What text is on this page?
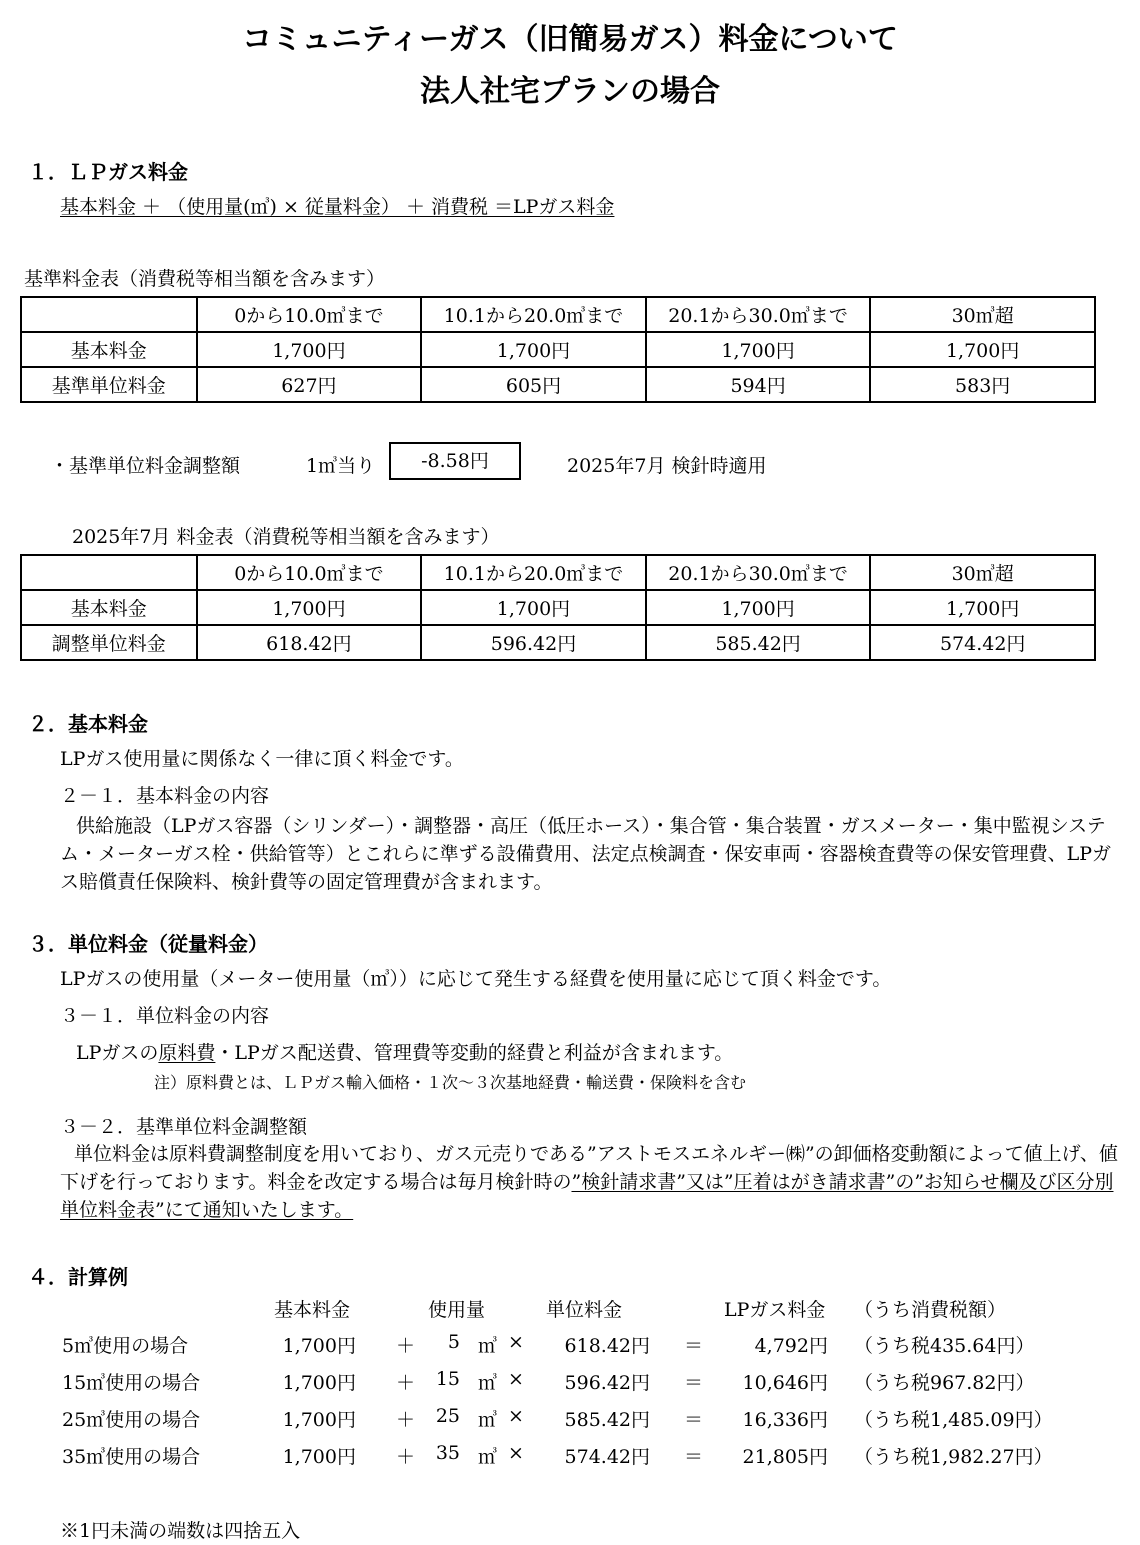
コミュニティーガス（旧簡易ガス）料金について
法人社宅プランの場合
１．ＬＰガス料金
基本料金 ＋ （使用量(㎥) × 従量料金） ＋ 消費税 ＝LPガス料金
基準料金表（消費税等相当額を含みます）
	0から10.0㎥まで	10.1から20.0㎥まで	20.1から30.0㎥まで	30㎥超
基本料金	1,700円	1,700円	1,700円	1,700円
基準単位料金	627円	605円	594円	583円
・基準単位料金調整額	1㎥当り	-8.58円	2025年7月 検針時適用
2025年7月 料金表（消費税等相当額を含みます）
	0から10.0㎥まで	10.1から20.0㎥まで	20.1から30.0㎥まで	30㎥超
基本料金	1,700円	1,700円	1,700円	1,700円
調整単位料金	618.42円	596.42円	585.42円	574.42円
２．基本料金
LPガス使用量に関係なく一律に頂く料金です。
２－１．基本料金の内容
供給施設（LPガス容器（シリンダー）・調整器・高圧（低圧ホース）・集合管・集合装置・ガスメーター・集中監視システム・メーターガス栓・供給管等）とこれらに準ずる設備費用、法定点検調査・保安車両・容器検査費等の保安管理費、LPガス賠償責任保険料、検針費等の固定管理費が含まれます。
３．単位料金（従量料金）
LPガスの使用量（メーター使用量（㎥））に応じて発生する経費を使用量に応じて頂く料金です。
３－１．単位料金の内容
LPガスの原料費・LPガス配送費、管理費等変動的経費と利益が含まれます。
注）原料費とは、ＬＰガス輸入価格・１次～３次基地経費・輸送費・保険料を含む
３－２．基準単位料金調整額
単位料金は原料費調整制度を用いており、ガス元売りである”アストモスエネルギー㈱”の卸価格変動額によって値上げ、値下げを行っております。料金を改定する場合は毎月検針時の”検針請求書”又は”圧着はがき請求書”の”お知らせ欄及び区分別単位料金表”にて通知いたします。
４．計算例
基本料金	使用量	単位料金	LPガス料金 （うち消費税額）
5㎥使用の場合	1,700円 ＋	5 ㎥ ×	618.42円 ＝	4,792円 （うち税435.64円）
15㎥使用の場合	1,700円 ＋	15 ㎥ ×	596.42円 ＝	10,646円 （うち税967.82円）
25㎥使用の場合	1,700円 ＋	25 ㎥ ×	585.42円 ＝	16,336円 （うち税1,485.09円）
35㎥使用の場合	1,700円 ＋	35 ㎥ ×	574.42円 ＝	21,805円 （うち税1,982.27円）
※1円未満の端数は四捨五入
